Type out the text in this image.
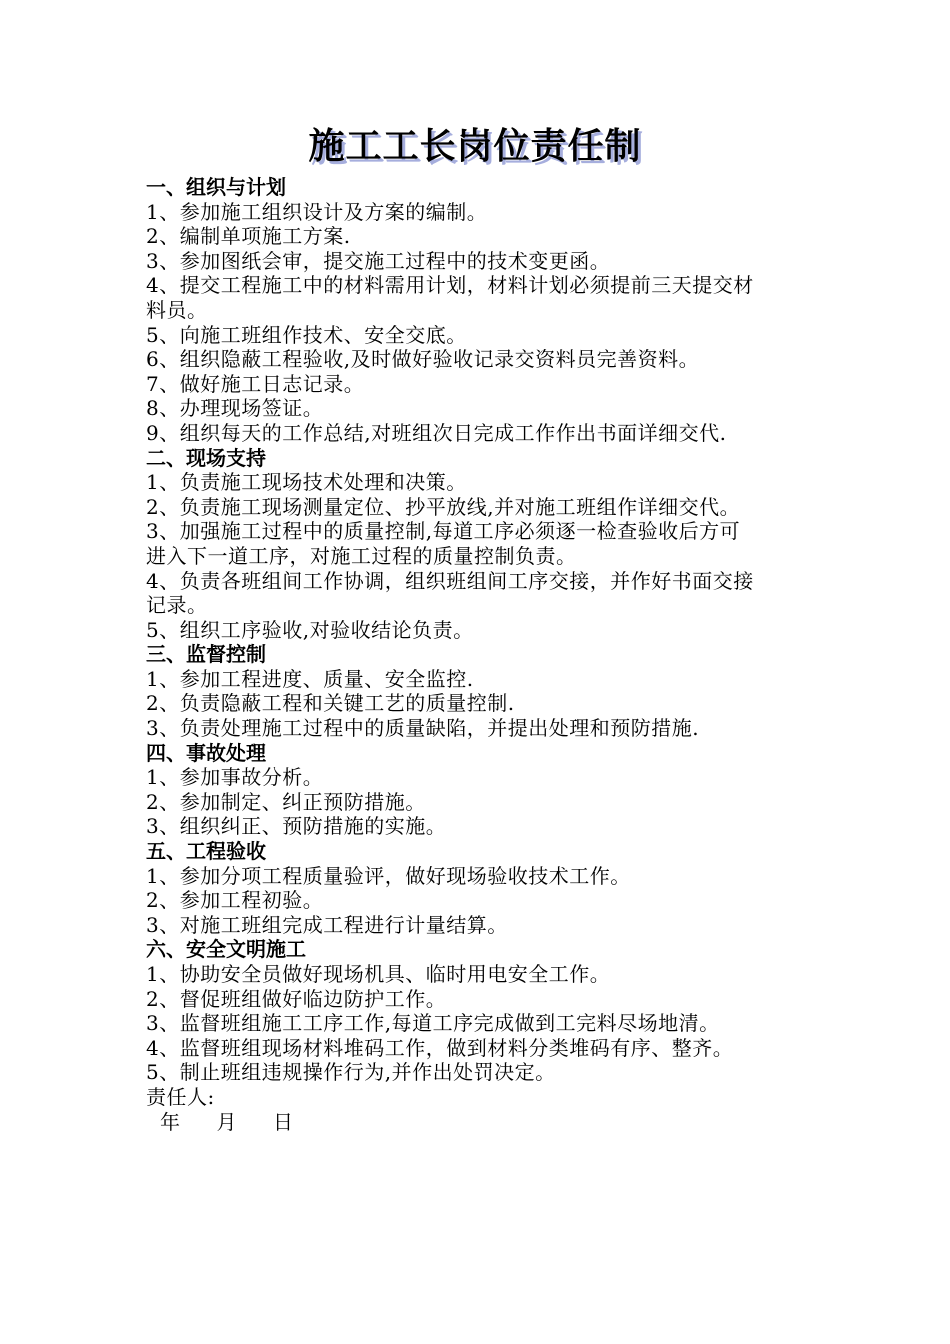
施工工长岗位责任制
一、组织与计划
1、参加施工组织设计及方案的编制。
2、编制单项施工方案.
3、参加图纸会审，提交施工过程中的技术变更函。
4、提交工程施工中的材料需用计划，材料计划必须提前三天提交材
料员。
5、向施工班组作技术、安全交底。
6、组织隐蔽工程验收,及时做好验收记录交资料员完善资料。
7、做好施工日志记录。
8、办理现场签证。
9、组织每天的工作总结,对班组次日完成工作作出书面详细交代.
二、现场支持
1、负责施工现场技术处理和决策。
2、负责施工现场测量定位、抄平放线,并对施工班组作详细交代。
3、加强施工过程中的质量控制,每道工序必须逐一检查验收后方可
进入下一道工序，对施工过程的质量控制负责。
4、负责各班组间工作协调，组织班组间工序交接，并作好书面交接
记录。
5、组织工序验收,对验收结论负责。
三、监督控制
1、参加工程进度、质量、安全监控.
2、负责隐蔽工程和关键工艺的质量控制.
3、负责处理施工过程中的质量缺陷，并提出处理和预防措施.
四、事故处理
1、参加事故分析。
2、参加制定、纠正预防措施。
3、组织纠正、预防措施的实施。
五、工程验收
1、参加分项工程质量验评，做好现场验收技术工作。
2、参加工程初验。
3、对施工班组完成工程进行计量结算。
六、安全文明施工
1、协助安全员做好现场机具、临时用电安全工作。
2、督促班组做好临边防护工作。
3、监督班组施工工序工作,每道工序完成做到工完料尽场地清。
4、监督班组现场材料堆码工作，做到材料分类堆码有序、整齐。
5、制止班组违规操作行为,并作出处罚决定。
责任人:
年 月 日
